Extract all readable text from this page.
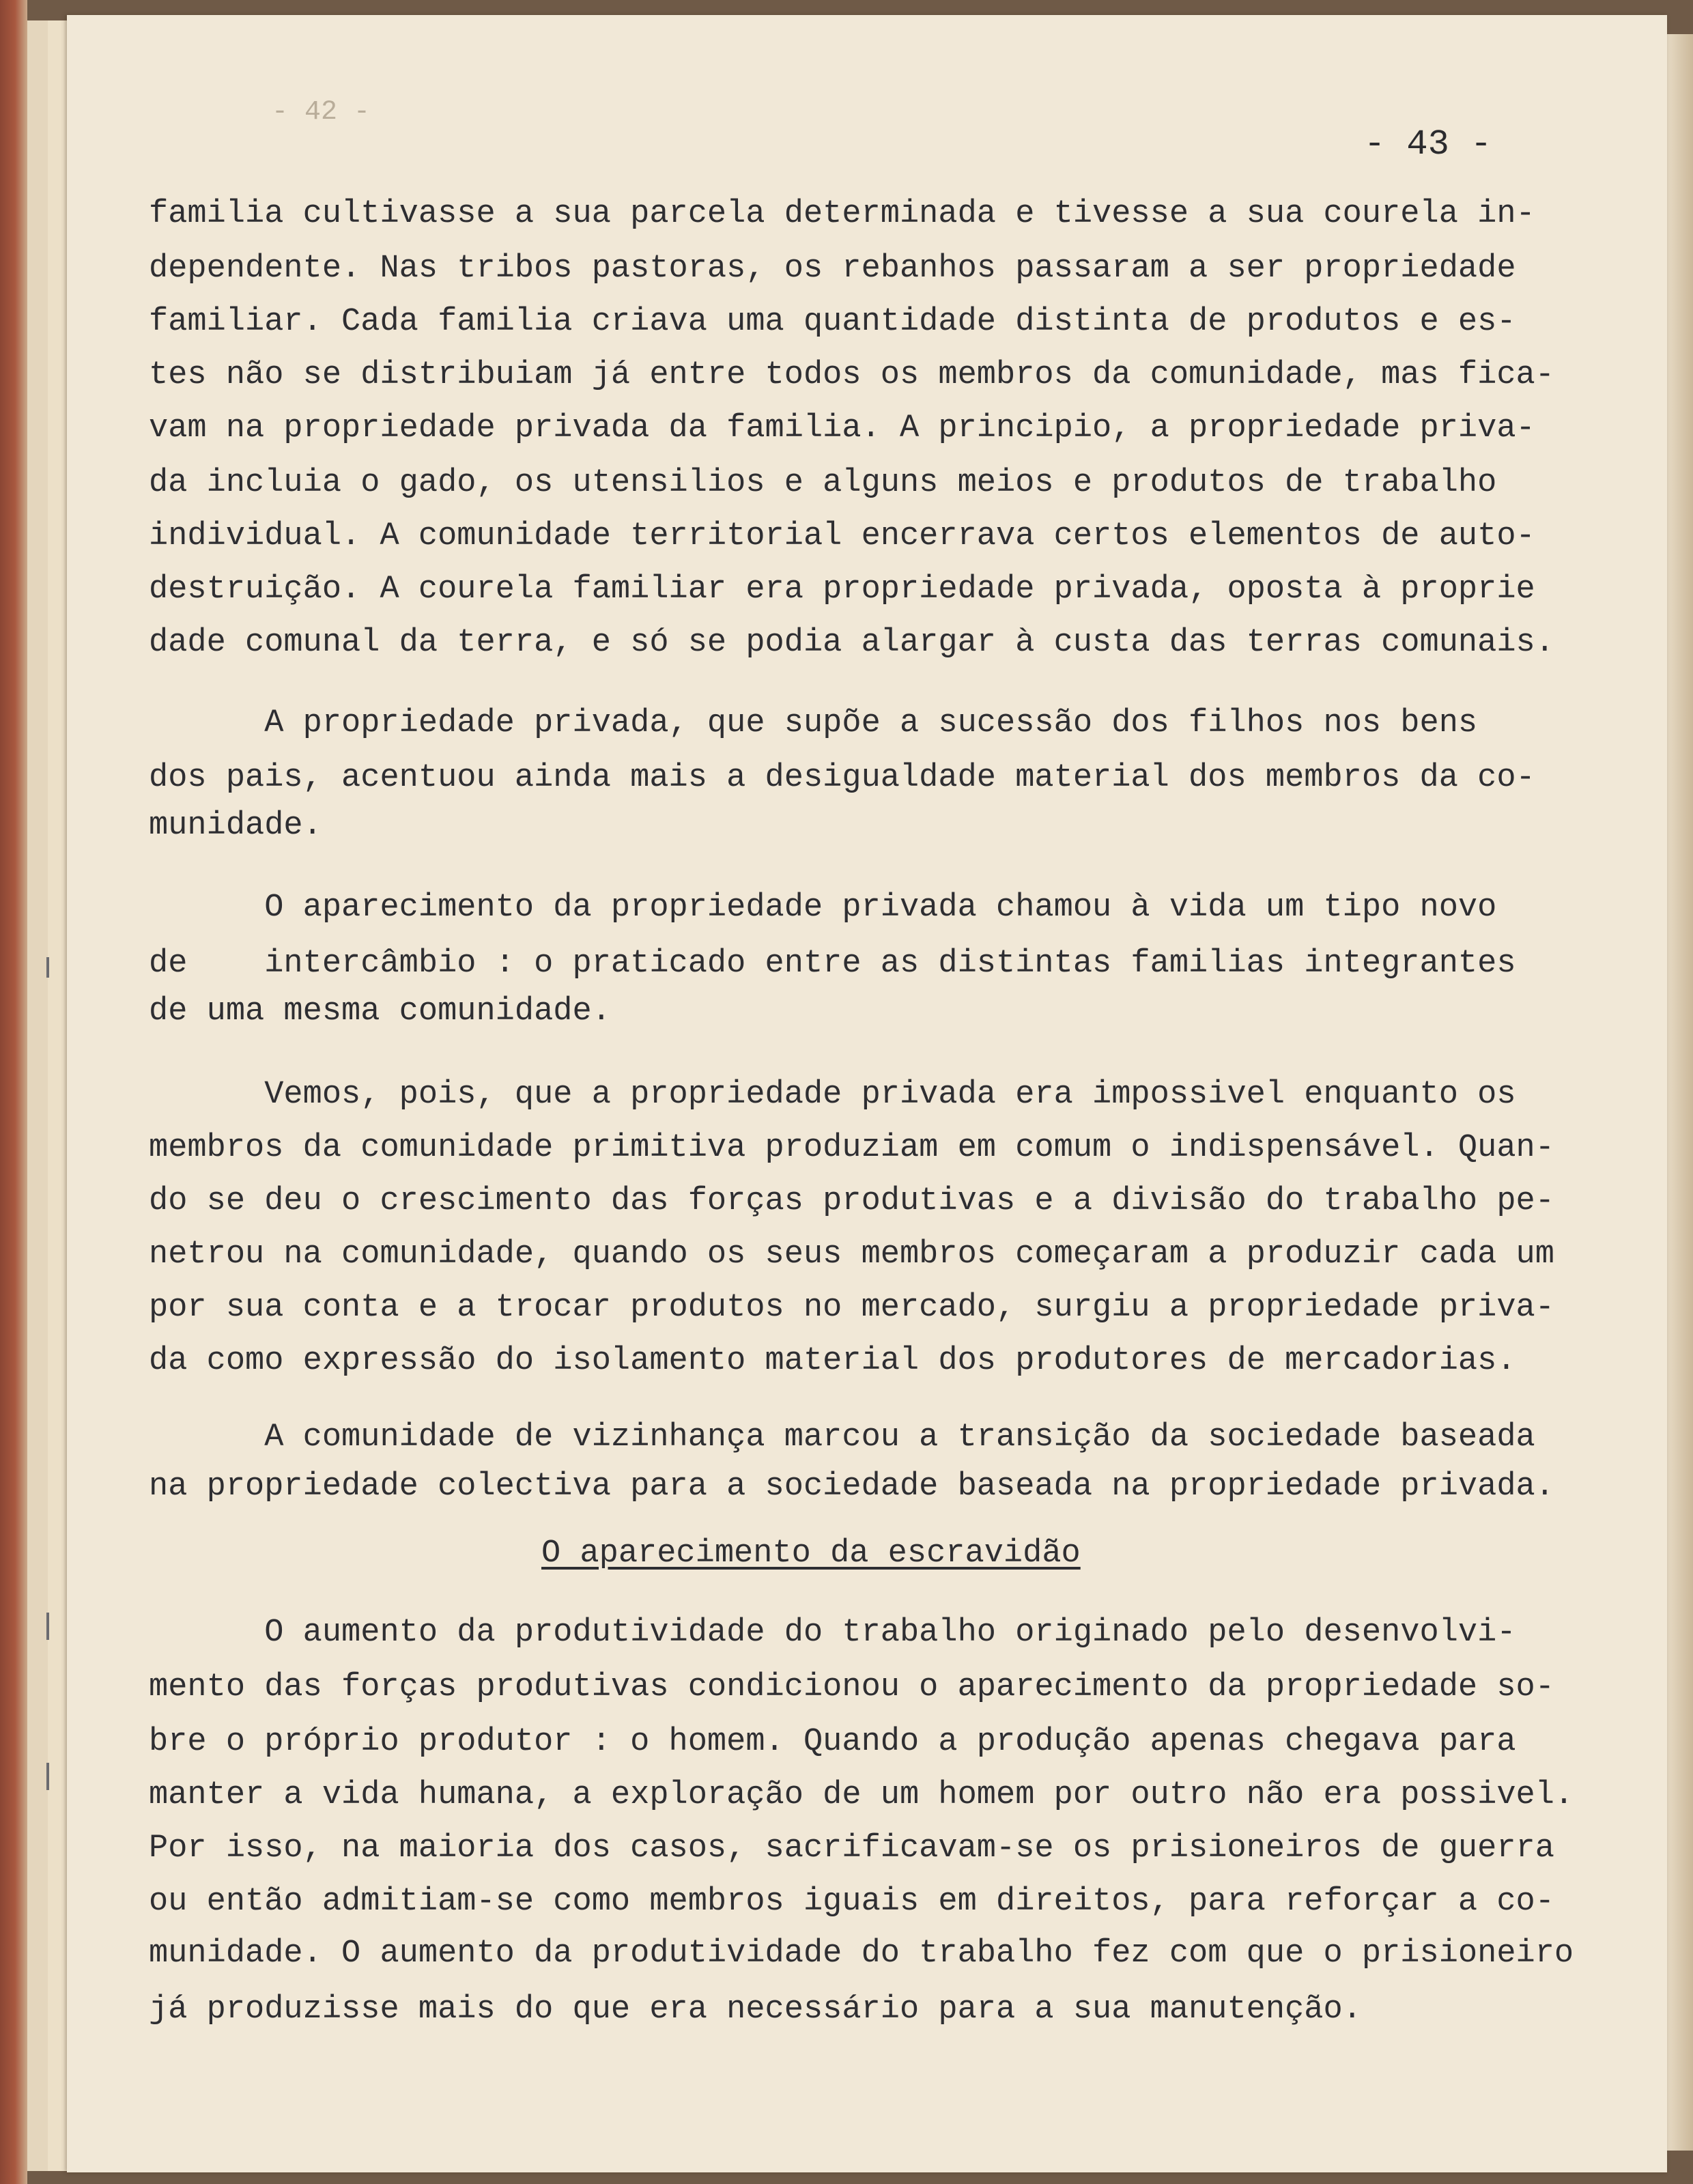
- 42 -
- 43 -
familia cultivasse a sua parcela determinada e tivesse a sua courela in-
dependente. Nas tribos pastoras, os rebanhos passaram a ser propriedade
familiar. Cada familia criava uma quantidade distinta de produtos e es-
tes não se distribuiam já entre todos os membros da comunidade, mas fica-
vam na propriedade privada da familia. A principio, a propriedade priva-
da incluia o gado, os utensilios e alguns meios e produtos de trabalho
individual. A comunidade territorial encerrava certos elementos de auto-
destruição. A courela familiar era propriedade privada, oposta à proprie
dade comunal da terra, e só se podia alargar à custa das terras comunais.
A propriedade privada, que supõe a sucessão dos filhos nos bens
dos pais, acentuou ainda mais a desigualdade material dos membros da co-
munidade.
O aparecimento da propriedade privada chamou à vida um tipo novo
de    intercâmbio : o praticado entre as distintas familias integrantes
de uma mesma comunidade.
Vemos, pois, que a propriedade privada era impossivel enquanto os
membros da comunidade primitiva produziam em comum o indispensável. Quan-
do se deu o crescimento das forças produtivas e a divisão do trabalho pe-
netrou na comunidade, quando os seus membros começaram a produzir cada um
por sua conta e a trocar produtos no mercado, surgiu a propriedade priva-
da como expressão do isolamento material dos produtores de mercadorias.
A comunidade de vizinhança marcou a transição da sociedade baseada
na propriedade colectiva para a sociedade baseada na propriedade privada.
O aparecimento da escravidão
O aumento da produtividade do trabalho originado pelo desenvolvi-
mento das forças produtivas condicionou o aparecimento da propriedade so-
bre o próprio produtor : o homem. Quando a produção apenas chegava para
manter a vida humana, a exploração de um homem por outro não era possivel.
Por isso, na maioria dos casos, sacrificavam-se os prisioneiros de guerra
ou então admitiam-se como membros iguais em direitos, para reforçar a co-
munidade. O aumento da produtividade do trabalho fez com que o prisioneiro
já produzisse mais do que era necessário para a sua manutenção.
